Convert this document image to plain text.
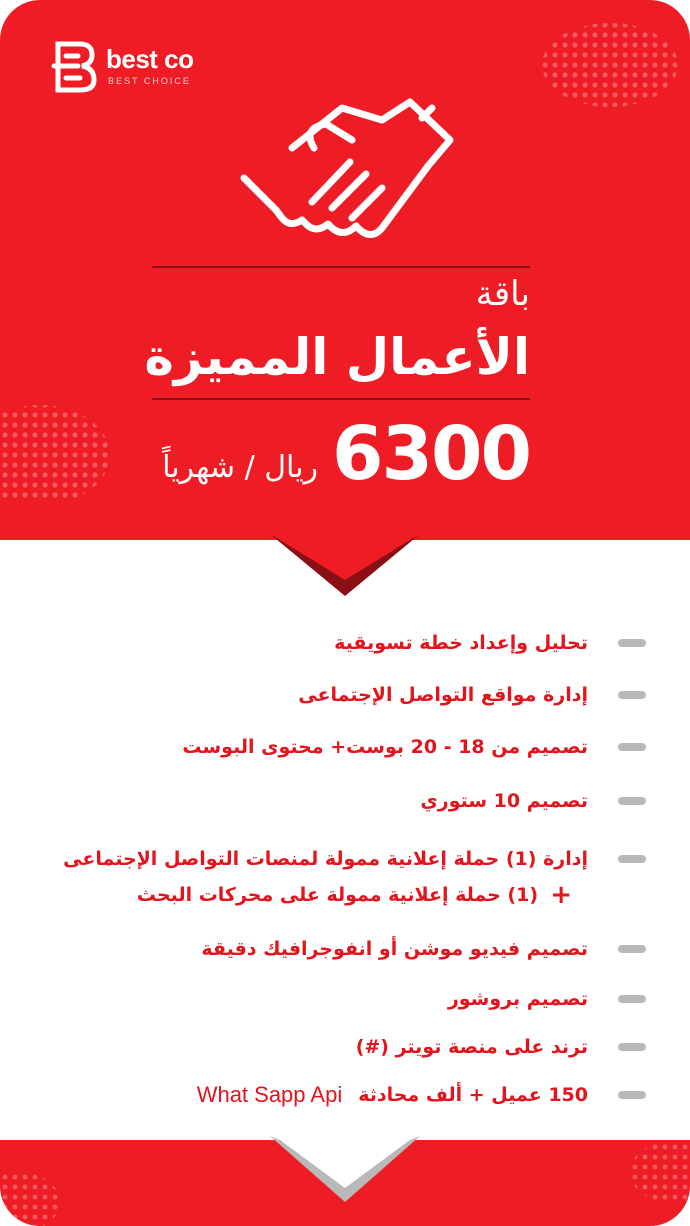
best co
BEST CHOICE
باقة
الأعمال المميزة
ريال / شهرياً 6300
تحليل وإعداد خطة تسويقية
إدارة مواقع التواصل الإجتماعى
تصميم من 18 - 20 بوست+ محتوى البوست
تصميم 10 ستوري
إدارة (1) حملة إعلانية ممولة لمنصات التواصل الإجتماعى
+
(1) حملة إعلانية ممولة على محركات البحث
تصميم فيديو موشن أو انفوجرافيك دقيقة
تصميم بروشور
ترند على منصة تويتر (#)
150 عميل + ألف محادثة
What Sapp Api
